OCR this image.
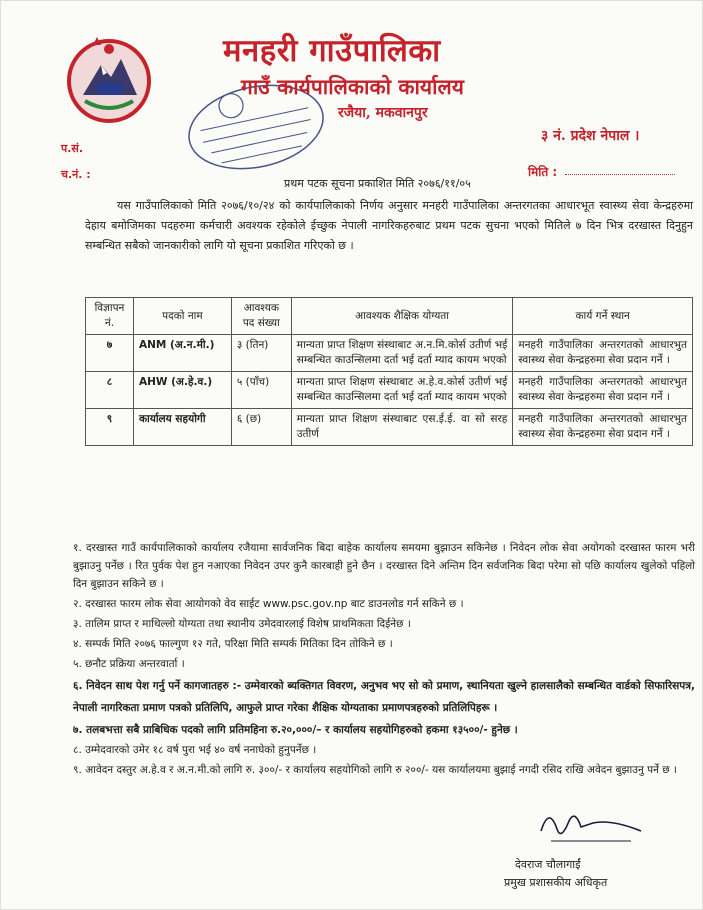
मनहरी गाउँपालिका
गाउँ कार्यपालिकाको कार्यालय
रजैया, मकवानपुर
३ नं. प्रदेश नेपाल ।
प.सं.
च.नं. :	मिति :
प्रथम पटक सूचना प्रकाशित मिति २०७६/११/०५

यस गाउँपालिकाको मिति २०७६/१०/२४ को कार्यपालिकाको निर्णय अनुसार मनहरी गाउँपालिका अन्तरगतका आधारभूत स्वास्थ्य सेवा केन्द्रहरुमा देहाय बमोजिमका पदहरुमा कर्मचारी अवश्यक रहेकोले ईच्छुक नेपाली नागरिकहरुबाट प्रथम पटक सुचना भएको मितिले ७ दिन भित्र दरखास्त दिनुहुन सम्बन्धित सबैको जानकारीको लागि यो सूचना प्रकाशित गरिएको छ ।

विज्ञापन नं.	पदको नाम	आवश्यक पद संख्या	आवश्यक शैक्षिक योग्यता	कार्य गर्ने स्थान
७	ANM (अ.न.मी.)	३ (तिन)	मान्यता प्राप्त शिक्षण संस्थाबाट अ.न.मि.कोर्स उतीर्ण भई सम्बन्धित काउन्सिलमा दर्ता भई दर्ता म्याद कायम भएको	मनहरी गाउँपालिका अन्तरगतको आधारभुत स्वास्थ्य सेवा केन्द्रहरुमा सेवा प्रदान गर्ने ।
८	AHW (अ.हे.व.)	५ (पाँच)	मान्यता प्राप्त शिक्षण संस्थाबाट अ.हे.व.कोर्स उतीर्ण भई सम्बन्धित काउन्सिलमा दर्ता भई दर्ता म्याद कायम भएको	मनहरी गाउँपालिका अन्तरगतको आधारभुत स्वास्थ्य सेवा केन्द्रहरुमा सेवा प्रदान गर्ने ।
९	कार्यालय सहयोगी	६ (छ)	मान्यता प्राप्त शिक्षण संस्थाबाट एस.ई.ई. वा सो सरह उतीर्ण	मनहरी गाउँपालिका अन्तरगतको आधारभुत स्वास्थ्य सेवा केन्द्रहरुमा सेवा प्रदान गर्ने ।

१. दरखास्त गाउँ कार्यपालिकाको कार्यालय रजैयामा सार्वजनिक बिदा बाहेक कार्यालय समयमा बुझाउन सकिनेछ । निवेदन लोक सेवा अयोगको दरखास्त फारम भरी बुझाउनु पर्नेछ । रित पुर्वक पेश हुन नआएका निवेदन उपर कुनै कारबाही हुने छैन । दरखास्त दिने अन्तिम दिन सर्वजनिक बिदा परेमा सो पछि कार्यालय खुलेको पहिलो दिन बुझाउन सकिने छ ।

२. दरखास्त फारम लोक सेवा आयोगको वेव साईट www.psc.gov.np बाट डाउनलोड गर्न सकिने छ ।

३. तालिम प्राप्त र माथिल्लो योग्यता तथा स्थानीय उमेदवारलाई विशेष प्राथमिकता दिईनेछ ।

४. सम्पर्क मिति २०७६ फाल्गुण १२ गते, परिक्षा मिति सम्पर्क मितिका दिन तोकिने छ ।

५. छनौट प्रक्रिया अन्तरवार्ता ।

६. निवेदन साथ पेश गर्नु पर्ने कागजातहरु :- उम्मेवारको ब्यक्तिगत विवरण, अनुभव भए सो को प्रमाण, स्थानियता खुल्ने हालसालैको सम्बन्धित वार्डको सिफारिसपत्र, नेपाली नागरिकता प्रमाण पत्रको प्रतिलिपि, आफुले प्राप्त गरेका शैक्षिक योग्यताका प्रमाणपत्रहरुको प्रतिलिपिहरू ।

७. तलबभत्ता सबै प्राबिधिक पदको लागि प्रतिमहिना रु.२०,०००/– र कार्यालय सहयोगिहरुको हकमा १३५००/- हुनेछ ।

८. उम्मेदवारको उमेर १८ वर्ष पुरा भई ४० वर्ष ननाघेको हुनुपर्नेछ ।

९. आवेदन दस्तुर अ.हे.व र अ.न.मी.को लागि रु. ३००/- र कार्यालय सहयोगिको लागि रु २००/- यस कार्यालयमा बुझाई नगदी रसिद राखि अवेदन बुझाउनु पर्ने छ ।

देवराज चौलागाईं
प्रमुख प्रशासकीय अधिकृत
